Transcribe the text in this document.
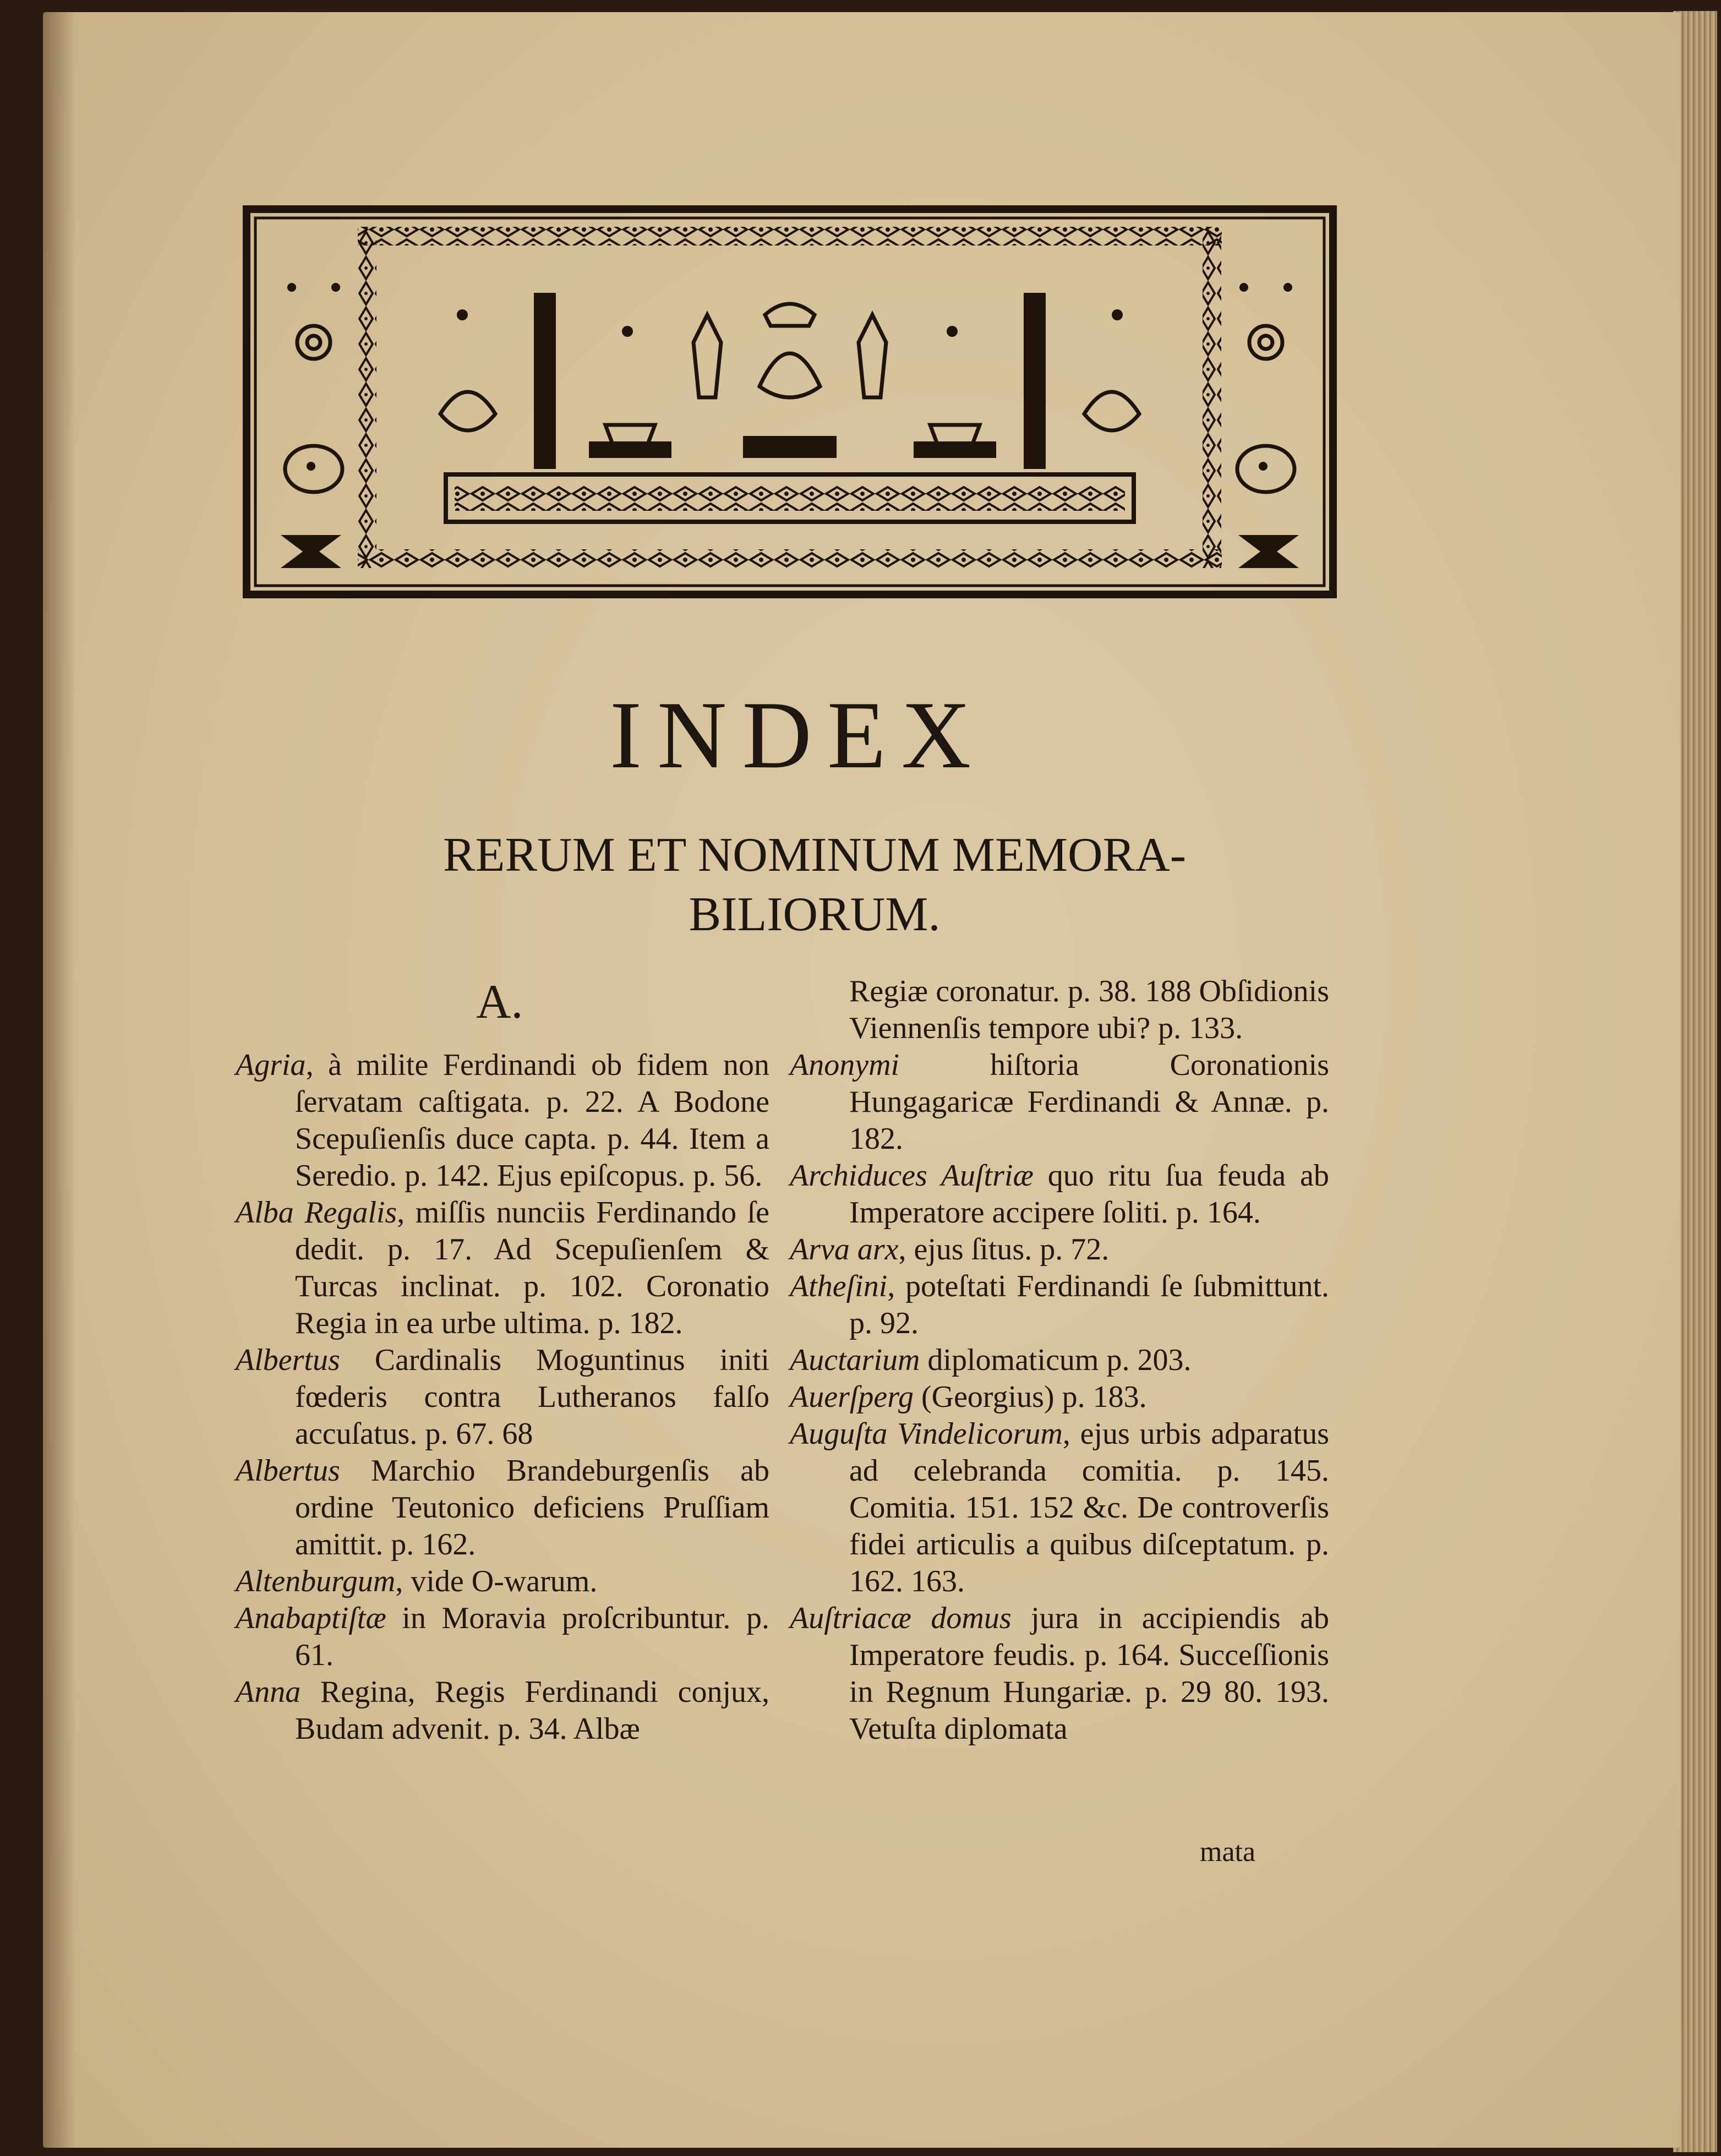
INDEX
RERUM ET NOMINUM MEMORA-
BILIORUM.
A.

Agria, à milite Ferdinandi ob fidem non ſervatam caſtigata. p. 22. A Bodone Scepuſienſis duce capta. p. 44. Item a Seredio. p. 142. Ejus epiſcopus. p. 56.

Alba Regalis, miſſis nunciis Ferdinando ſe dedit. p. 17. Ad Scepuſienſem & Turcas inclinat. p. 102. Coronatio Regia in ea urbe ultima. p. 182.

Albertus Cardinalis Moguntinus initi fœderis contra Lutheranos falſo accuſatus. p. 67. 68

Albertus Marchio Brandeburgenſis ab ordine Teutonico deficiens Pruſſiam amittit. p. 162.

Altenburgum, vide O-warum.

Anabaptiſtæ in Moravia proſcribuntur. p. 61.

Anna Regina, Regis Ferdinandi conjux, Budam advenit. p. 34. Albæ

Regiæ coronatur. p. 38. 188 Obſidionis Viennenſis tempore ubi? p. 133.

Anonymi hiſtoria Coronationis Hungagaricæ Ferdinandi & Annæ. p. 182.

Archiduces Auſtriæ quo ritu ſua feuda ab Imperatore accipere ſoliti. p. 164.

Arva arx, ejus ſitus. p. 72.

Atheſini, poteſtati Ferdinandi ſe ſubmittunt. p. 92.

Auctarium diplomaticum p. 203.

Auerſperg (Georgius) p. 183.

Auguſta Vindelicorum, ejus urbis adparatus ad celebranda comitia. p. 145. Comitia. 151. 152 &c. De controverſis fidei articulis a quibus diſceptatum. p. 162. 163.

Auſtriacæ domus jura in accipiendis ab Imperatore feudis. p. 164. Succeſſionis in Regnum Hungariæ. p. 29 80. 193. Vetuſta diplomata

mata
